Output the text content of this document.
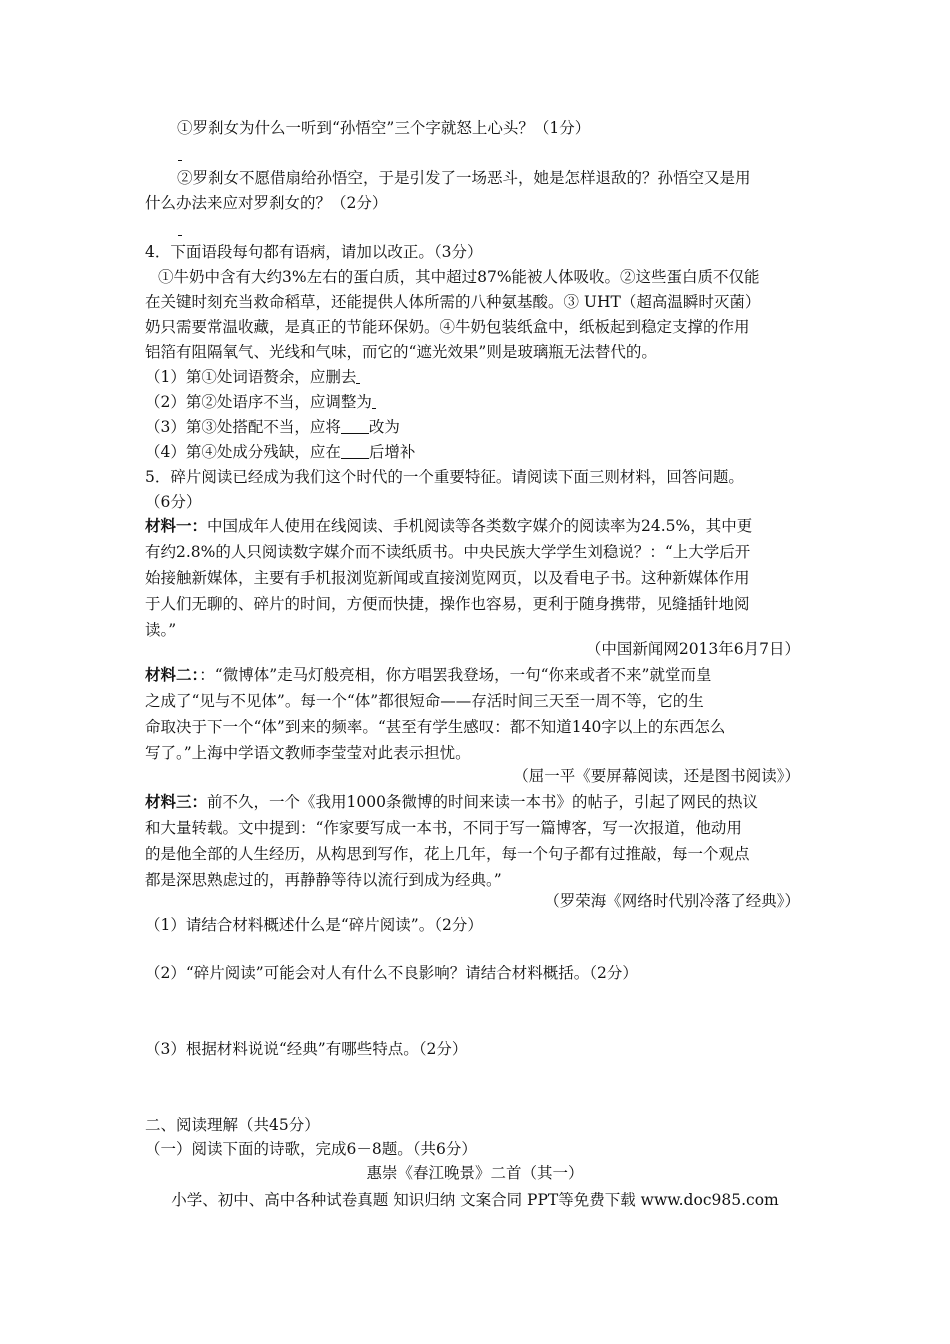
①罗刹女为什么一听到“孙悟空”三个字就怒上心头？（1分）
②罗刹女不愿借扇给孙悟空，于是引发了一场恶斗，她是怎样退敌的？孙悟空又是用
什么办法来应对罗刹女的？（2分）
4．下面语段每句都有语病，请加以改正。（3分）
①牛奶中含有大约3%左右的蛋白质，其中超过87%能被人体吸收。②这些蛋白质不仅能
在关键时刻充当救命稻草，还能提供人体所需的八种氨基酸。③ UHT（超高温瞬时灭菌）
奶只需要常温收藏，是真正的节能环保奶。④牛奶包装纸盒中，纸板起到稳定支撑的作用
铝箔有阻隔氧气、光线和气味，而它的“遮光效果”则是玻璃瓶无法替代的。
（1）第①处词语赘余，应删去
（2）第②处语序不当，应调整为
（3）第③处搭配不当，应将 改为
（4）第④处成分残缺，应在 后增补
5．碎片阅读已经成为我们这个时代的一个重要特征。请阅读下面三则材料，回答问题。
（6分）
材料一：中国成年人使用在线阅读、手机阅读等各类数字媒介的阅读率为24.5%，其中更
有约2.8%的人只阅读数字媒介而不读纸质书。中央民族大学学生刘稳说？：“上大学后开
始接触新媒体，主要有手机报浏览新闻或直接浏览网页，以及看电子书。这种新媒体作用
于人们无聊的、碎片的时间，方便而快捷，操作也容易，更利于随身携带，见缝插针地阅
读。”
（中国新闻网2013年6月7日）
材料二：：“微博体”走马灯般亮相，你方唱罢我登场，一句“你来或者不来”就堂而皇
之成了“见与不见体”。每一个“体”都很短命——存活时间三天至一周不等，它的生
命取决于下一个“体”到来的频率。“甚至有学生感叹：都不知道140字以上的东西怎么
写了。”上海中学语文教师李莹莹对此表示担忧。
（屈一平《要屏幕阅读，还是图书阅读》）
材料三：前不久，一个《我用1000条微博的时间来读一本书》的帖子，引起了网民的热议
和大量转载。文中提到：“作家要写成一本书，不同于写一篇博客，写一次报道，他动用
的是他全部的人生经历，从构思到写作，花上几年，每一个句子都有过推敲，每一个观点
都是深思熟虑过的，再静静等待以流行到成为经典。”
（罗荣海《网络时代别冷落了经典》）
（1）请结合材料概述什么是“碎片阅读”。（2分）
（2）“碎片阅读”可能会对人有什么不良影响？请结合材料概括。（2分）
（3）根据材料说说“经典”有哪些特点。（2分）
二、阅读理解（共45分）
（一）阅读下面的诗歌，完成6－8题。（共6分）
惠崇《春江晚景》二首（其一）
小学、初中、高中各种试卷真题 知识归纳 文案合同 PPT等免费下载 www.doc985.com
